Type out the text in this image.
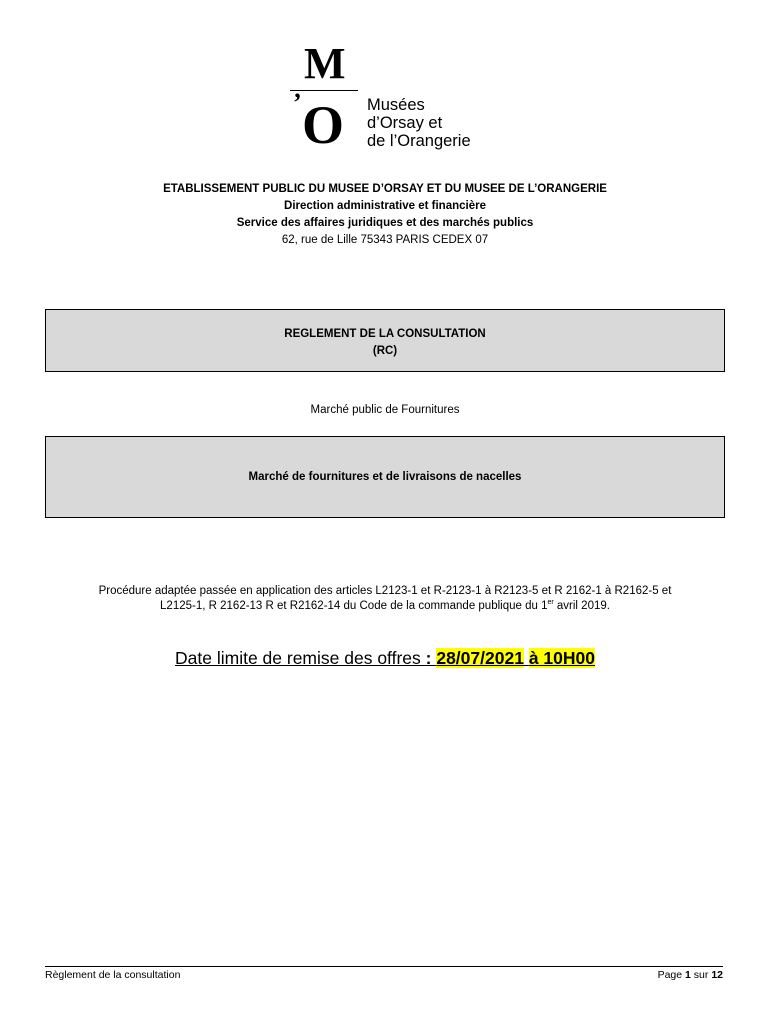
M
’ O Musées
d’Orsay et
de l’Orangerie
ETABLISSEMENT PUBLIC DU MUSEE D’ORSAY ET DU MUSEE DE L’ORANGERIE
Direction administrative et financière
Service des affaires juridiques et des marchés publics
62, rue de Lille 75343 PARIS CEDEX 07
REGLEMENT DE LA CONSULTATION
(RC)
Marché public de Fournitures
Marché de fournitures et de livraisons de nacelles
Procédure adaptée passée en application des articles L2123-1 et R-2123-1 à R2123-5 et R 2162-1 à R2162-5 et
L2125-1, R 2162-13 R et R2162-14 du Code de la commande publique du 1er avril 2019.
Date limite de remise des offres : 28/07/2021 à 10H00
Règlement de la consultation	Page 1 sur 12
